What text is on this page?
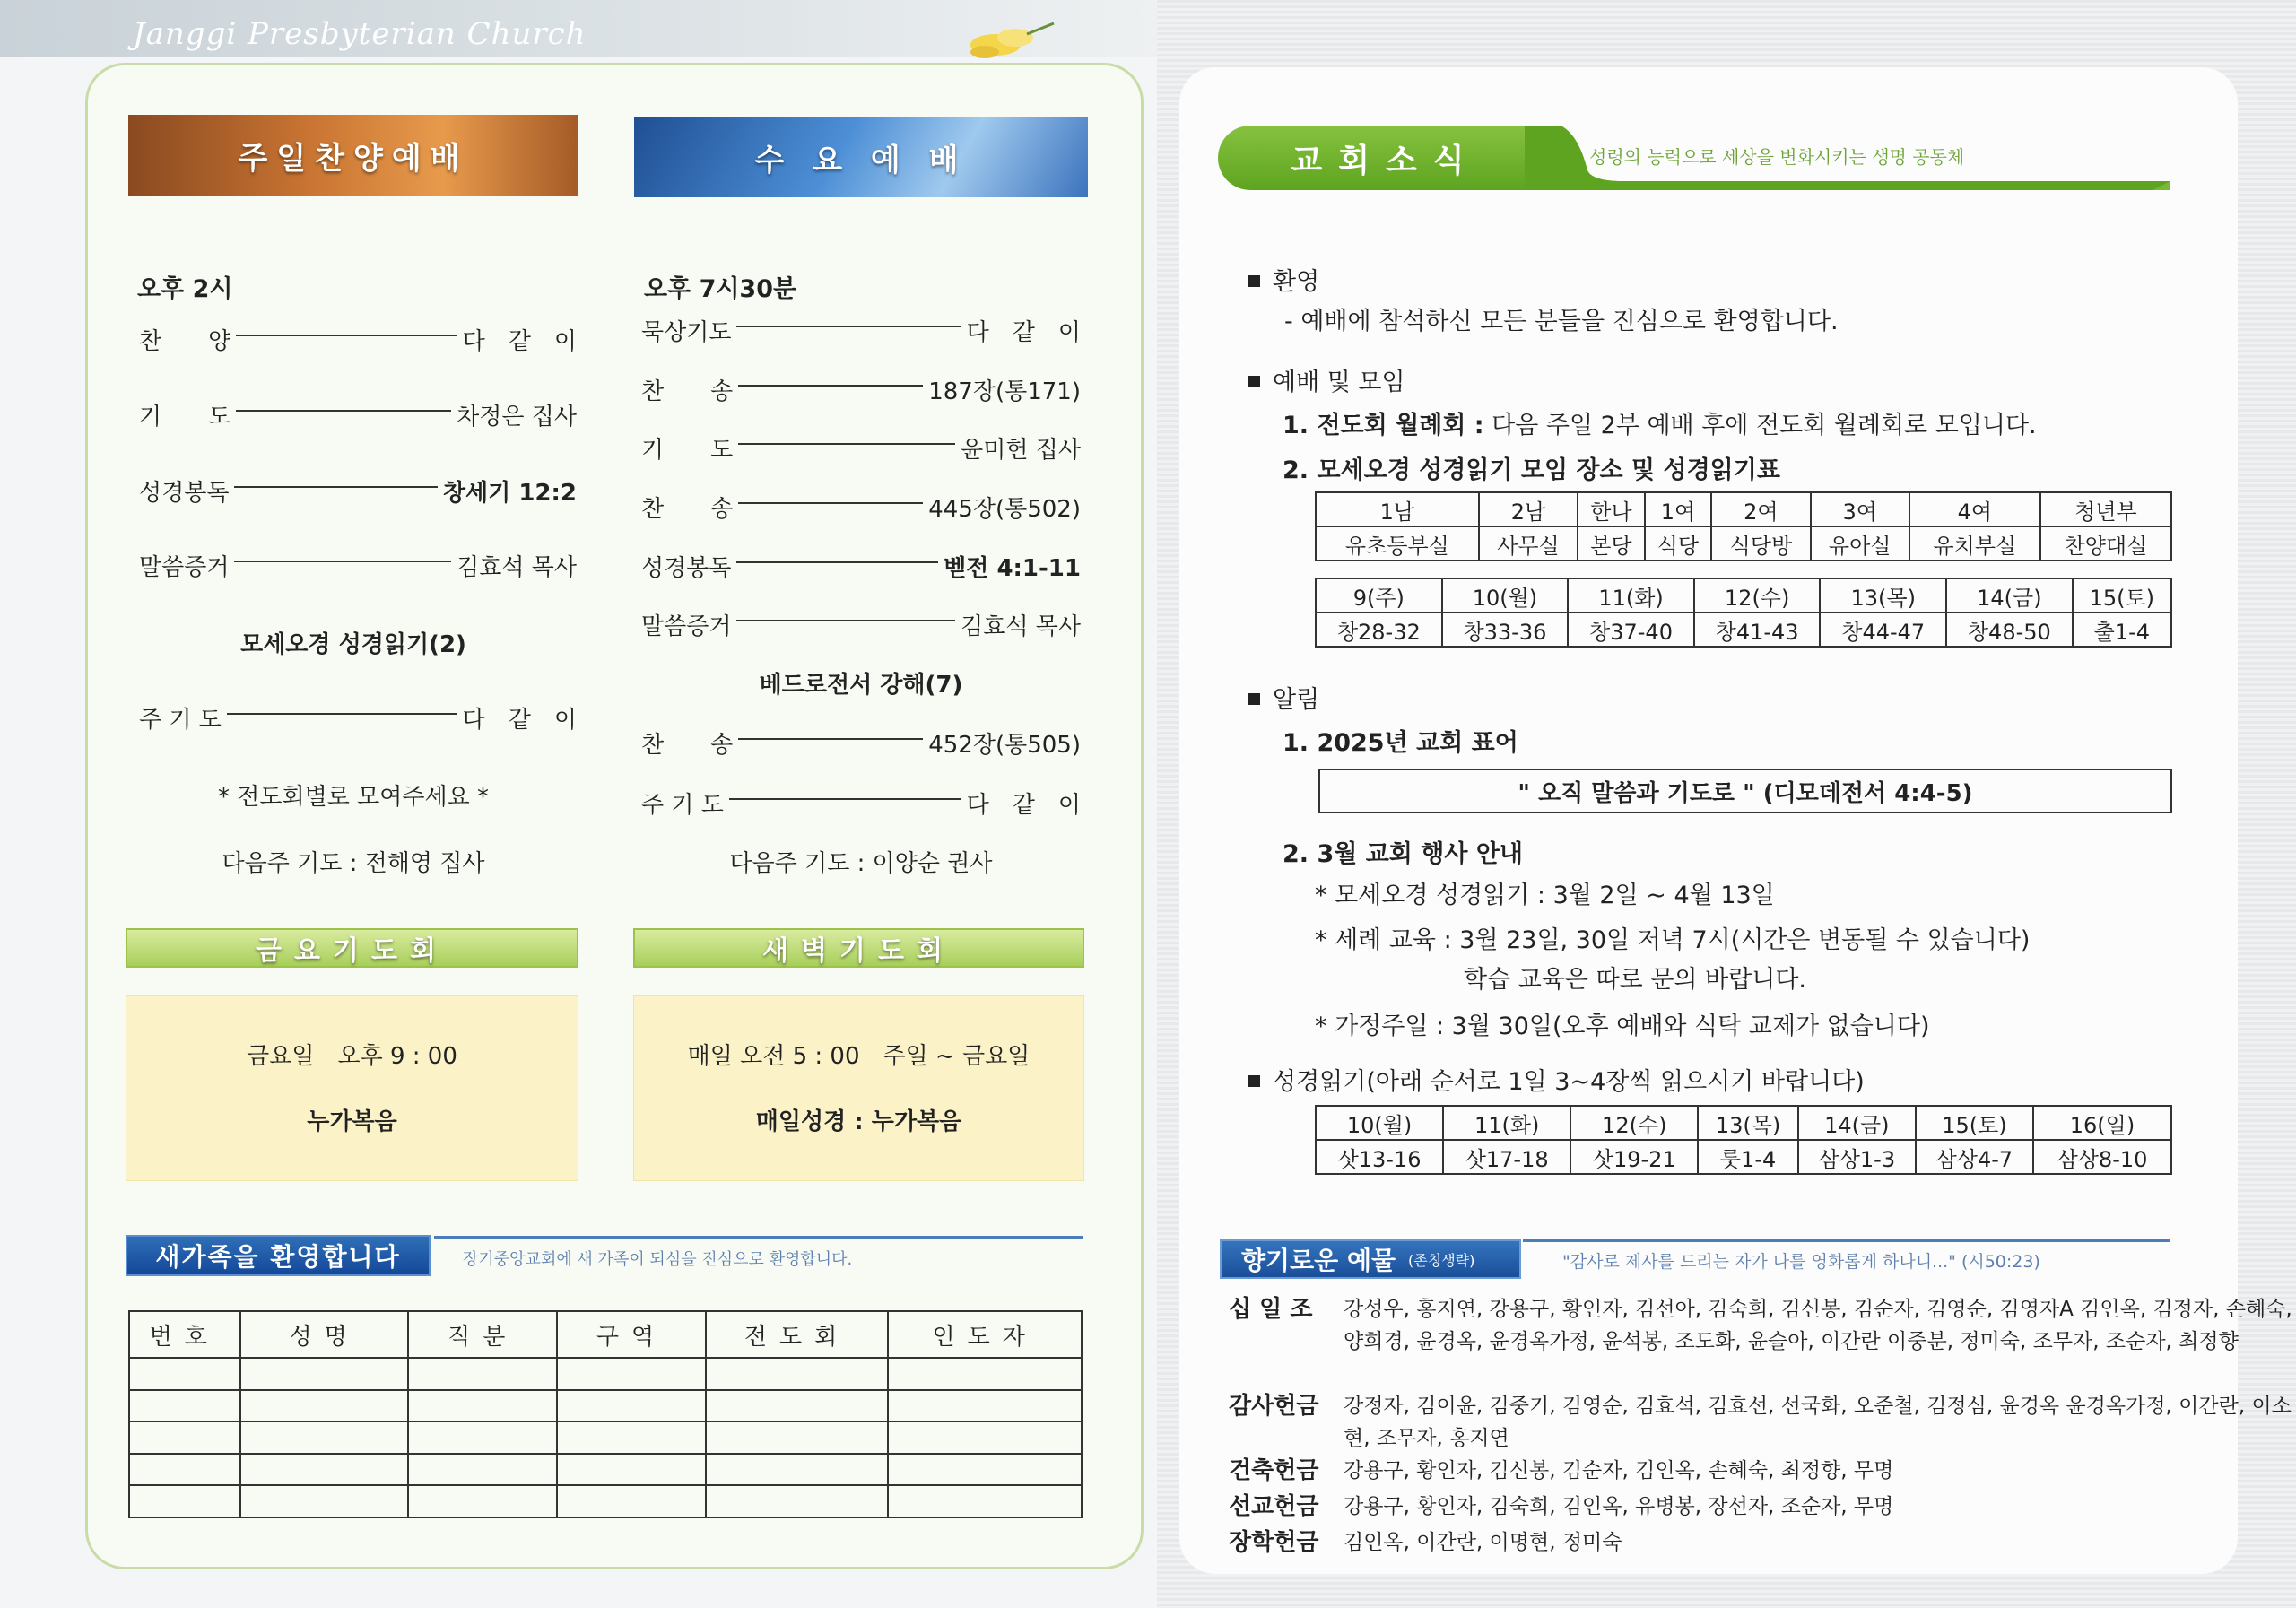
Janggi Presbyterian Church
주일찬양예배
오후 2시
찬　　양	다　같　이
기　　도	차정은 집사
성경봉독	창세기 12:2
말씀증거	김효석 목사
모세오경 성경읽기(2)
주 기 도	다　같　이
* 전도회별로 모여주세요 *
다음주 기도 : 전해영 집사
수 요 예 배
오후 7시30분
묵상기도	다　같　이
찬　　송	187장(통171)
기　　도	윤미헌 집사
찬　　송	445장(통502)
성경봉독	벧전 4:1-11
말씀증거	김효석 목사
베드로전서 강해(7)
찬　　송	452장(통505)
주 기 도	다　같　이
다음주 기도 : 이양순 권사
금요기도회
금요일　오후 9 : 00
누가복음
새벽기도회
매일 오전 5 : 00　주일 ~ 금요일
매일성경 : 누가복음
새가족을 환영합니다	장기중앙교회에 새 가족이 되심을 진심으로 환영합니다.
번호	성명	직분	구역	전도회	인도자

교회소식	성령의 능력으로 세상을 변화시키는 생명 공동체
환영
- 예배에 참석하신 모든 분들을 진심으로 환영합니다.
예배 및 모임
1. 전도회 월례회 : 다음 주일 2부 예배 후에 전도회 월례회로 모입니다.
2. 모세오경 성경읽기 모임 장소 및 성경읽기표
1남	2남	한나	1여	2여	3여	4여	청년부
유초등부실	사무실	본당	식당	식당방	유아실	유치부실	찬양대실
9(주)	10(월)	11(화)	12(수)	13(목)	14(금)	15(토)
창28-32	창33-36	창37-40	창41-43	창44-47	창48-50	출1-4
알림
1. 2025년 교회 표어
" 오직 말씀과 기도로 " (디모데전서 4:4-5)
2. 3월 교회 행사 안내
* 모세오경 성경읽기 : 3월 2일 ~ 4월 13일
* 세례 교육 : 3월 23일, 30일 저녁 7시(시간은 변동될 수 있습니다)
학습 교육은 따로 문의 바랍니다.
* 가정주일 : 3월 30일(오후 예배와 식탁 교제가 없습니다)
성경읽기(아래 순서로 1일 3~4장씩 읽으시기 바랍니다)
10(월)	11(화)	12(수)	13(목)	14(금)	15(토)	16(일)
삿13-16	삿17-18	삿19-21	룻1-4	삼상1-3	삼상4-7	삼상8-10
향기로운 예물 (존칭생략)	"감사로 제사를 드리는 자가 나를 영화롭게 하나니..." (시50:23)
십 일 조	강성우, 홍지연, 강용구, 황인자, 김선아, 김숙희, 김신봉, 김순자, 김영순, 김영자A 김인옥, 김정자, 손혜숙, 양희경, 윤경옥, 윤경옥가정, 윤석봉, 조도화, 윤슬아, 이간란 이중분, 정미숙, 조무자, 조순자, 최정향
감사헌금	강정자, 김이윤, 김중기, 김영순, 김효석, 김효선, 선국화, 오준철, 김정심, 윤경옥 윤경옥가정, 이간란, 이소현, 조무자, 홍지연
건축헌금	강용구, 황인자, 김신봉, 김순자, 김인옥, 손혜숙, 최정향, 무명
선교헌금	강용구, 황인자, 김숙희, 김인옥, 유병봉, 장선자, 조순자, 무명
장학헌금	김인옥, 이간란, 이명현, 정미숙
